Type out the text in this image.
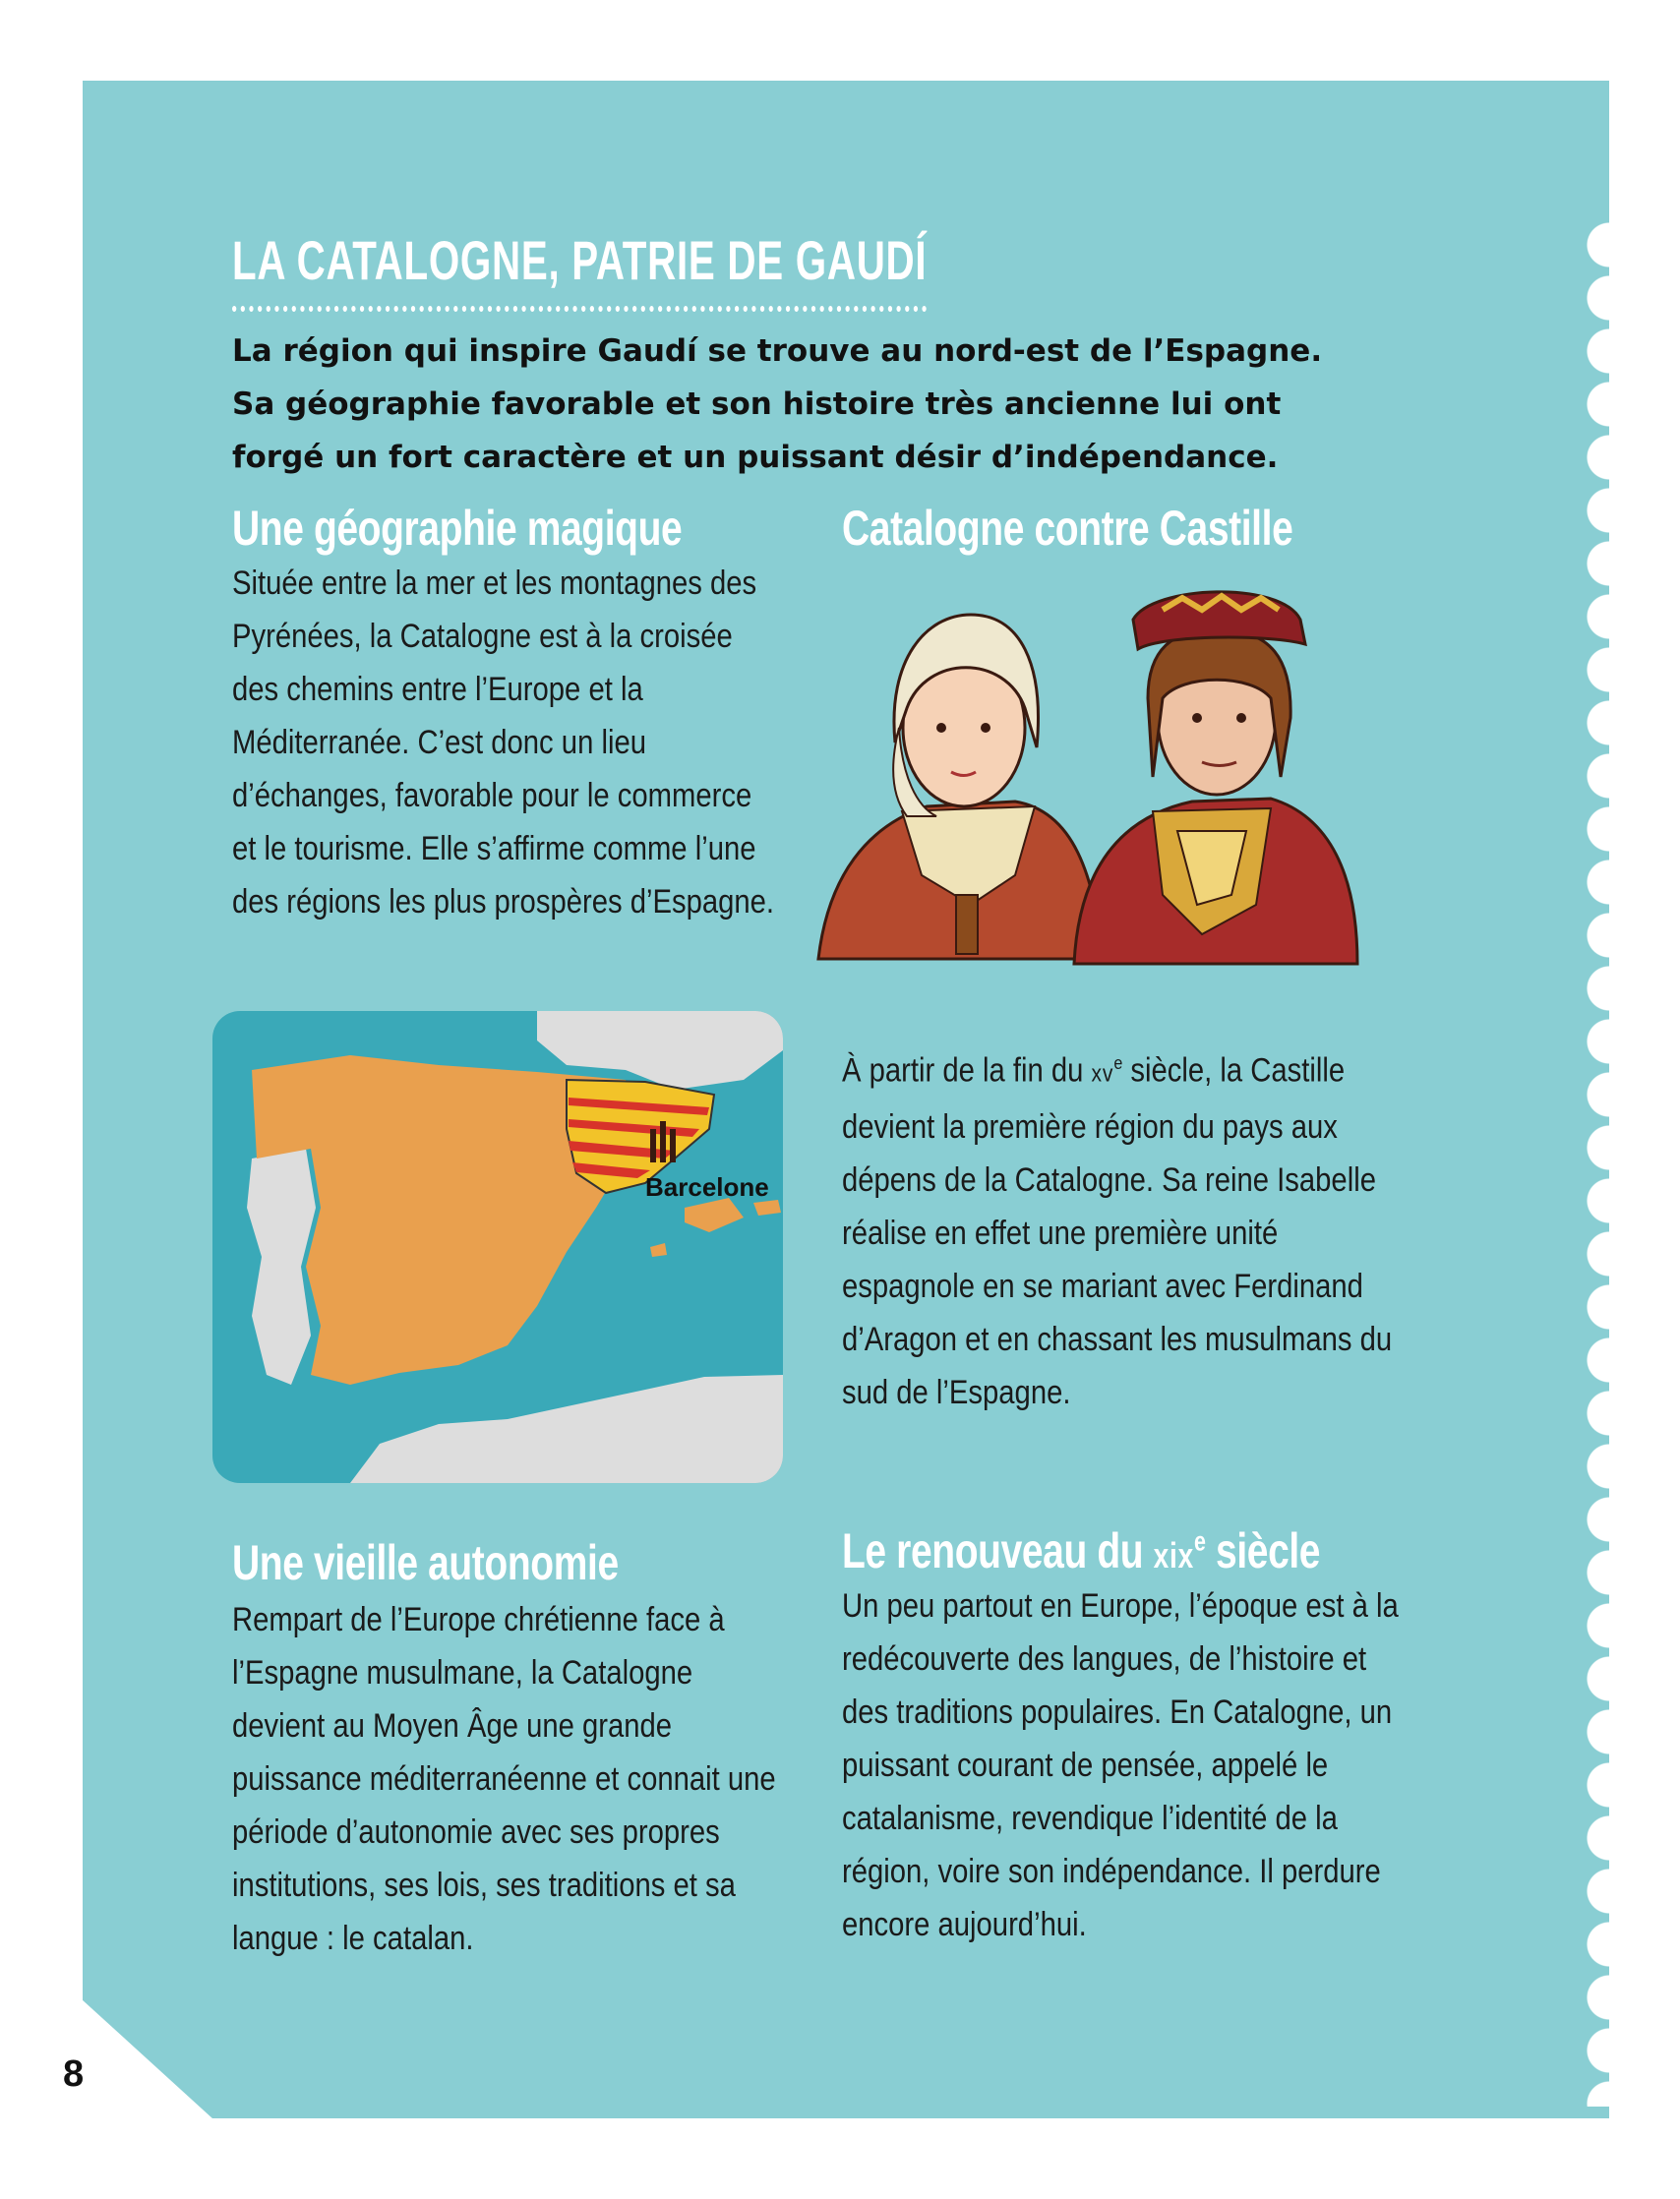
LA CATALOGNE, PATRIE DE GAUDÍ

La région qui inspire Gaudí se trouve au nord-est de l’Espagne. Sa géographie favorable et son histoire très ancienne lui ont forgé un fort caractère et un puissant désir d’indépendance.

Une géographie magique

Située entre la mer et les montagnes des Pyrénées, la Catalogne est à la croisée des chemins entre l’Europe et la Méditerranée. C’est donc un lieu d’échanges, favorable pour le commerce et le tourisme. Elle s’affirme comme l’une des régions les plus prospères d’Espagne.

Catalogne contre Castille

À partir de la fin du $xv^e$ siècle, la Castille devient la première région du pays aux dépens de la Catalogne. Sa reine Isabelle réalise en effet une première unité espagnole en se mariant avec Ferdinand d’Aragon et en chassant les musulmans du sud de l’Espagne.

Barcelone
Une vieille autonomie

Rempart de l’Europe chrétienne face à l’Espagne musulmane, la Catalogne devient au Moyen Âge une grande puissance méditerranéenne et connait une période d’autonomie avec ses propres institutions, ses lois, ses traditions et sa langue : le catalan.

Le renouveau du xix$^e$ siècle

Un peu partout en Europe, l’époque est à la redécouverte des langues, de l’histoire et des traditions populaires. En Catalogne, un puissant courant de pensée, appelé le catalanisme, revendique l’identité de la région, voire son indépendance. Il perdure encore aujourd’hui.

8
